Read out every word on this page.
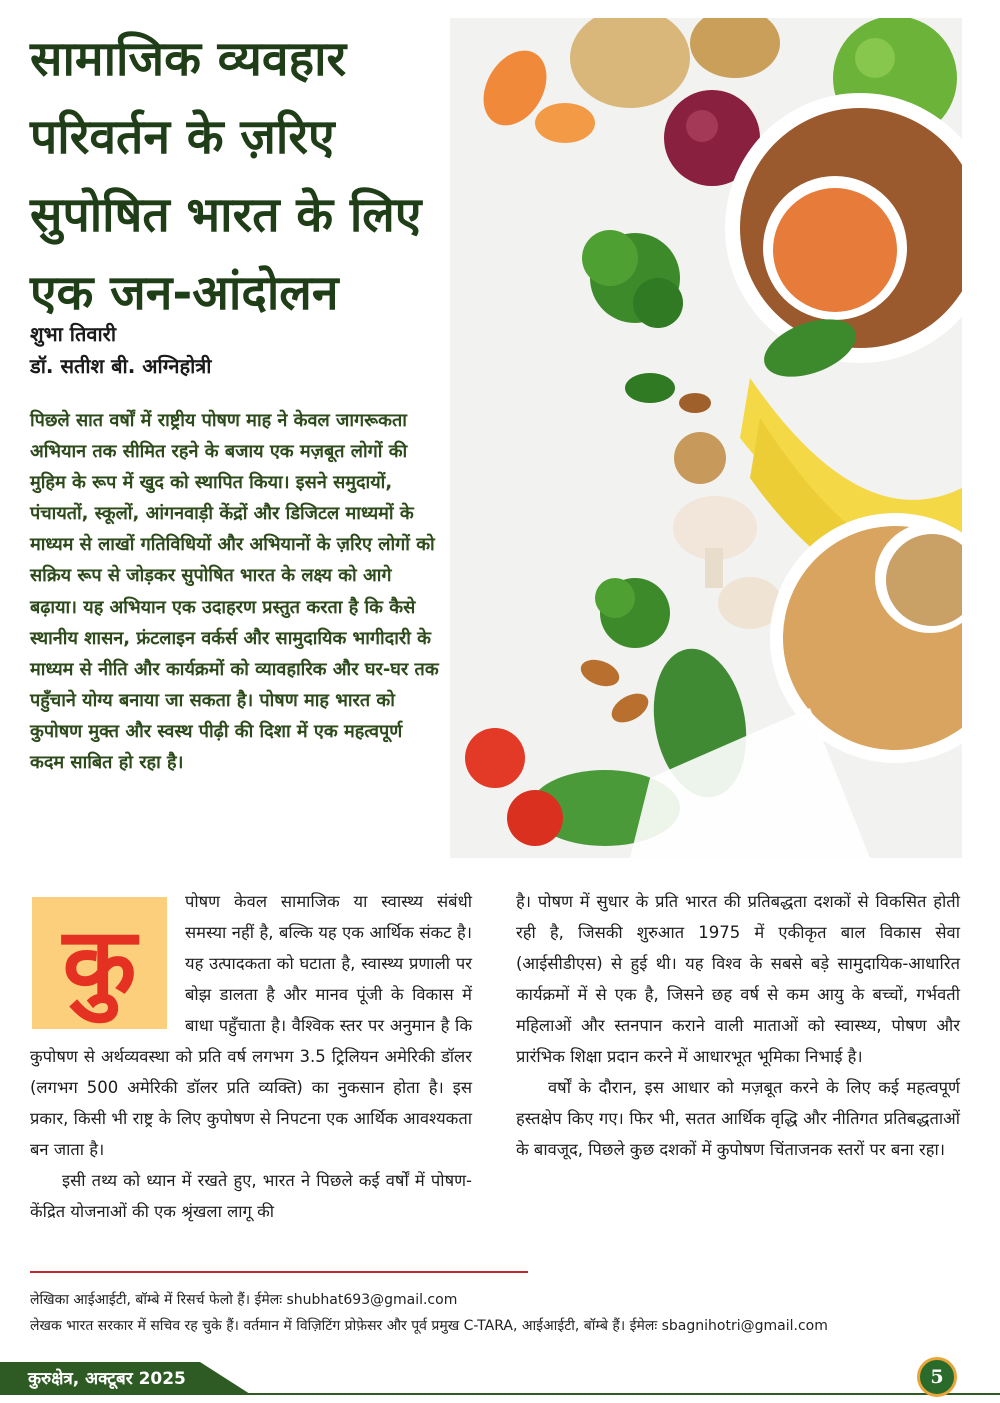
सामाजिक व्यवहार
परिवर्तन के ज़रिए
सुपोषित भारत के लिए
एक जन-आंदोलन
शुभा तिवारी
डॉ. सतीश बी. अग्निहोत्री

पिछले सात वर्षों में राष्ट्रीय पोषण माह ने केवल जागरूकता अभियान तक सीमित रहने के बजाय एक मज़बूत लोगों की मुहिम के रूप में खुद को स्थापित किया। इसने समुदायों, पंचायतों, स्कूलों, आंगनवाड़ी केंद्रों और डिजिटल माध्यमों के माध्यम से लाखों गतिविधियों और अभियानों के ज़रिए लोगों को सक्रिय रूप से जोड़कर सुपोषित भारत के लक्ष्य को आगे बढ़ाया। यह अभियान एक उदाहरण प्रस्तुत करता है कि कैसे स्थानीय शासन, फ्रंटलाइन वर्कर्स और सामुदायिक भागीदारी के माध्यम से नीति और कार्यक्रमों को व्यावहारिक और घर-घर तक पहुँचाने योग्य बनाया जा सकता है। पोषण माह भारत को कुपोषण मुक्त और स्वस्थ पीढ़ी की दिशा में एक महत्वपूर्ण कदम साबित हो रहा है।

कु

पोषण केवल सामाजिक या स्वास्थ्य संबंधी समस्या नहीं है, बल्कि यह एक आर्थिक संकट है। यह उत्पादकता को घटाता है, स्वास्थ्य प्रणाली पर बोझ डालता है और मानव पूंजी के विकास में बाधा पहुँचाता है। वैश्विक स्तर पर अनुमान है कि कुपोषण से अर्थव्यवस्था को प्रति वर्ष लगभग 3.5 ट्रिलियन अमेरिकी डॉलर (लगभग 500 अमेरिकी डॉलर प्रति व्यक्ति) का नुकसान होता है। इस प्रकार, किसी भी राष्ट्र के लिए कुपोषण से निपटना एक आर्थिक आवश्यकता बन जाता है।

इसी तथ्य को ध्यान में रखते हुए, भारत ने पिछले कई वर्षों में पोषण-केंद्रित योजनाओं की एक श्रृंखला लागू की

है। पोषण में सुधार के प्रति भारत की प्रतिबद्धता दशकों से विकसित होती रही है, जिसकी शुरुआत 1975 में एकीकृत बाल विकास सेवा (आईसीडीएस) से हुई थी। यह विश्व के सबसे बड़े सामुदायिक-आधारित कार्यक्रमों में से एक है, जिसने छह वर्ष से कम आयु के बच्चों, गर्भवती महिलाओं और स्तनपान कराने वाली माताओं को स्वास्थ्य, पोषण और प्रारंभिक शिक्षा प्रदान करने में आधारभूत भूमिका निभाई है।

वर्षों के दौरान, इस आधार को मज़बूत करने के लिए कई महत्वपूर्ण हस्तक्षेप किए गए। फिर भी, सतत आर्थिक वृद्धि और नीतिगत प्रतिबद्धताओं के बावजूद, पिछले कुछ दशकों में कुपोषण चिंताजनक स्तरों पर बना रहा।

लेखिका आईआईटी, बॉम्बे में रिसर्च फेलो हैं। ईमेलः shubhat693@gmail.com
लेखक भारत सरकार में सचिव रह चुके हैं। वर्तमान में विज़िटिंग प्रोफ़ेसर और पूर्व प्रमुख C-TARA, आईआईटी, बॉम्बे हैं। ईमेलः sbagnihotri@gmail.com
कुरुक्षेत्र, अक्टूबर 2025	5
